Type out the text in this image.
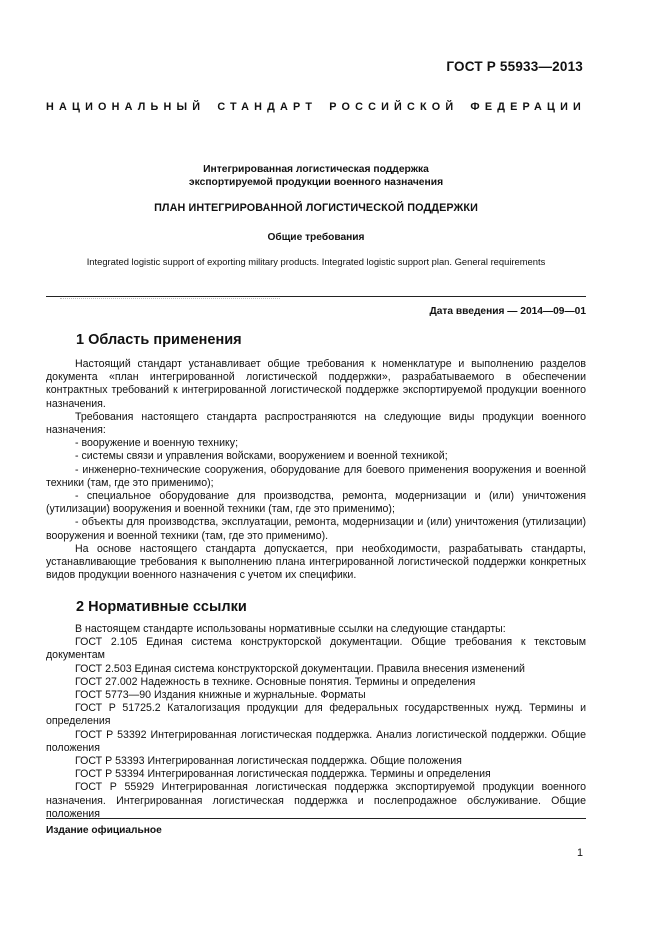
ГОСТ Р 55933—2013
НАЦИОНАЛЬНЫЙ СТАНДАРТ РОССИЙСКОЙ ФЕДЕРАЦИИ
Интегрированная логистическая поддержка
экспортируемой продукции военного назначения
ПЛАН ИНТЕГРИРОВАННОЙ ЛОГИСТИЧЕСКОЙ ПОДДЕРЖКИ
Общие требования
Integrated logistic support of exporting military products. Integrated logistic support plan. General requirements
Дата введения — 2014—09—01
1 Область применения

Настоящий стандарт устанавливает общие требования к номенклатуре и выполнению разделов документа «план интегрированной логистической поддержки», разрабатываемого в обеспечении контрактных требований к интегрированной логистической поддержке экспортируемой продукции военного назначения.

Требования настоящего стандарта распространяются на следующие виды продукции военного назначения:

- вооружение и военную технику;

- системы связи и управления войсками, вооружением и военной техникой;

- инженерно-технические сооружения, оборудование для боевого применения вооружения и военной техники (там, где это применимо);

- специальное оборудование для производства, ремонта, модернизации и (или) уничтожения (утилизации) вооружения и военной техники (там, где это применимо);

- объекты для производства, эксплуатации, ремонта, модернизации и (или) уничтожения (утилизации) вооружения и военной техники (там, где это применимо).

На основе настоящего стандарта допускается, при необходимости, разрабатывать стандарты, устанавливающие требования к выполнению плана интегрированной логистической поддержки конкретных видов продукции военного назначения с учетом их специфики.

2 Нормативные ссылки

В настоящем стандарте использованы нормативные ссылки на следующие стандарты:

ГОСТ 2.105 Единая система конструкторской документации. Общие требования к текстовым документам

ГОСТ 2.503 Единая система конструкторской документации. Правила внесения изменений

ГОСТ 27.002 Надежность в технике. Основные понятия. Термины и определения

ГОСТ 5773—90 Издания книжные и журнальные. Форматы

ГОСТ Р 51725.2 Каталогизация продукции для федеральных государственных нужд. Термины и определения

ГОСТ Р 53392 Интегрированная логистическая поддержка. Анализ логистической поддержки. Общие положения

ГОСТ Р 53393 Интегрированная логистическая поддержка. Общие положения

ГОСТ Р 53394 Интегрированная логистическая поддержка. Термины и определения

ГОСТ Р 55929 Интегрированная логистическая поддержка экспортируемой продукции военного назначения. Интегрированная логистическая поддержка и послепродажное обслуживание. Общие положения

Издание официальное
1
